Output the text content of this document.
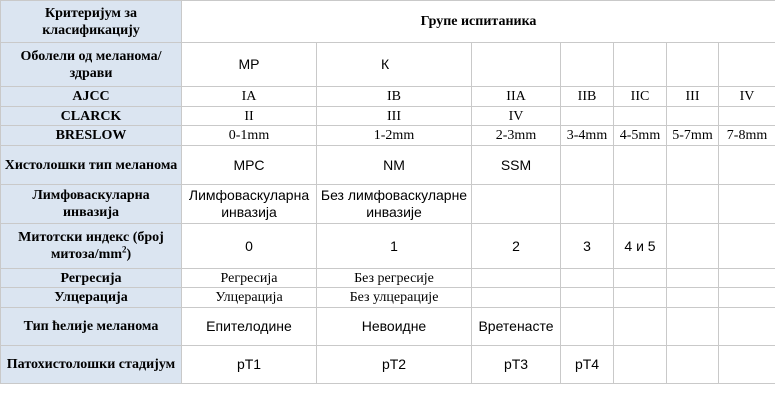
Критеријум за класификацију	Групе испитаника						
Оболели од меланома/здрави	МР	К					
AJCC	IA	IB	IIA	IIB	IIC	III	IV
CLARCK	II	III	IV				
BRESLOW	0-1mm	1-2mm	2-3mm	3-4mm	4-5mm	5-7mm	7-8mm
Хистолошки тип меланома	МРС	NM	SSM				
Лимфоваскуларна инвазија	Лимфоваскуларна инвазија	Без лимфоваскуларне инвазије					
Митотски индекс (број митоза/$mm^2$)	0	1	2	3	4 и 5		
Регресија	Регресија	Без регресије					
Улцерација	Улцерација	Без улцерације					
Тип ћелије меланома	Епителодине	Невоидне	Вретенасте				
Патохистолошки стадијум	рТ1	рТ2	рТ3	рТ4			
